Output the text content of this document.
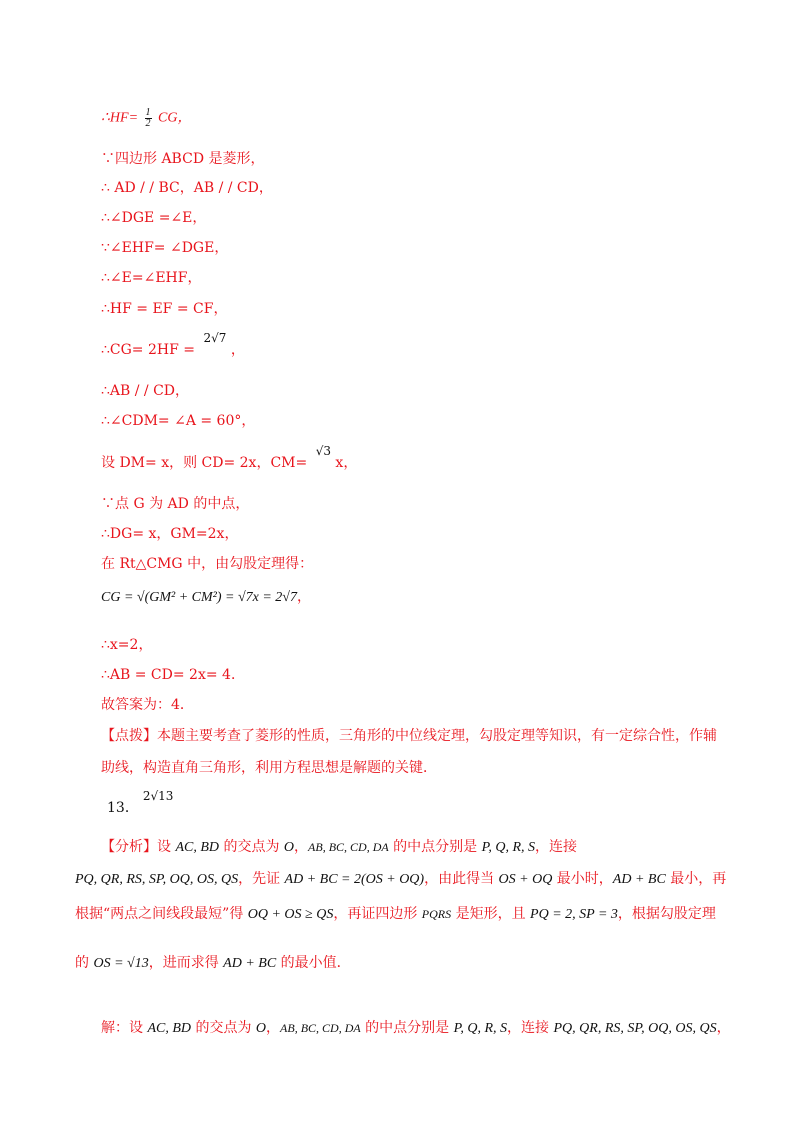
∴HF= $\frac{1}{2}$ CG，
∵四边形 ABCD 是菱形，
∴ AD / / BC，AB / / CD，
∴∠DGE =∠E，
∵∠EHF= ∠DGE，
∴∠E=∠EHF，
∴HF = EF = CF，
∴CG= 2HF = 2√7 ，
∴AB / / CD，
∴∠CDM= ∠A = 60°，
设 DM= x，则 CD= 2x，CM= √3 x，
∵点 G 为 AD 的中点，
∴DG= x，GM=2x，
在 Rt△CMG 中，由勾股定理得：
CG = √(GM² + CM²) = √7x = 2√7，
∴x=2，
∴AB = CD= 2x= 4．
故答案为：4．
【点拨】本题主要考查了菱形的性质，三角形的中位线定理，勾股定理等知识，有一定综合性，作辅
助线，构造直角三角形，利用方程思想是解题的关键．
13．2√13
【分析】设 AC, BD 的交点为 O，AB, BC, CD, DA 的中点分别是 P, Q, R, S，连接
PQ, QR, RS, SP, OQ, OS, QS，先证 AD + BC = 2(OS + OQ)，由此得当 OS + OQ 最小时，AD + BC 最小，再
根据“两点之间线段最短”得 OQ + OS ≥ QS，再证四边形 PQRS 是矩形，且 PQ = 2, SP = 3，根据勾股定理
的 OS = √13，进而求得 AD + BC 的最小值．
解：设 AC, BD 的交点为 O，AB, BC, CD, DA 的中点分别是 P, Q, R, S，连接 PQ, QR, RS, SP, OQ, OS, QS，
